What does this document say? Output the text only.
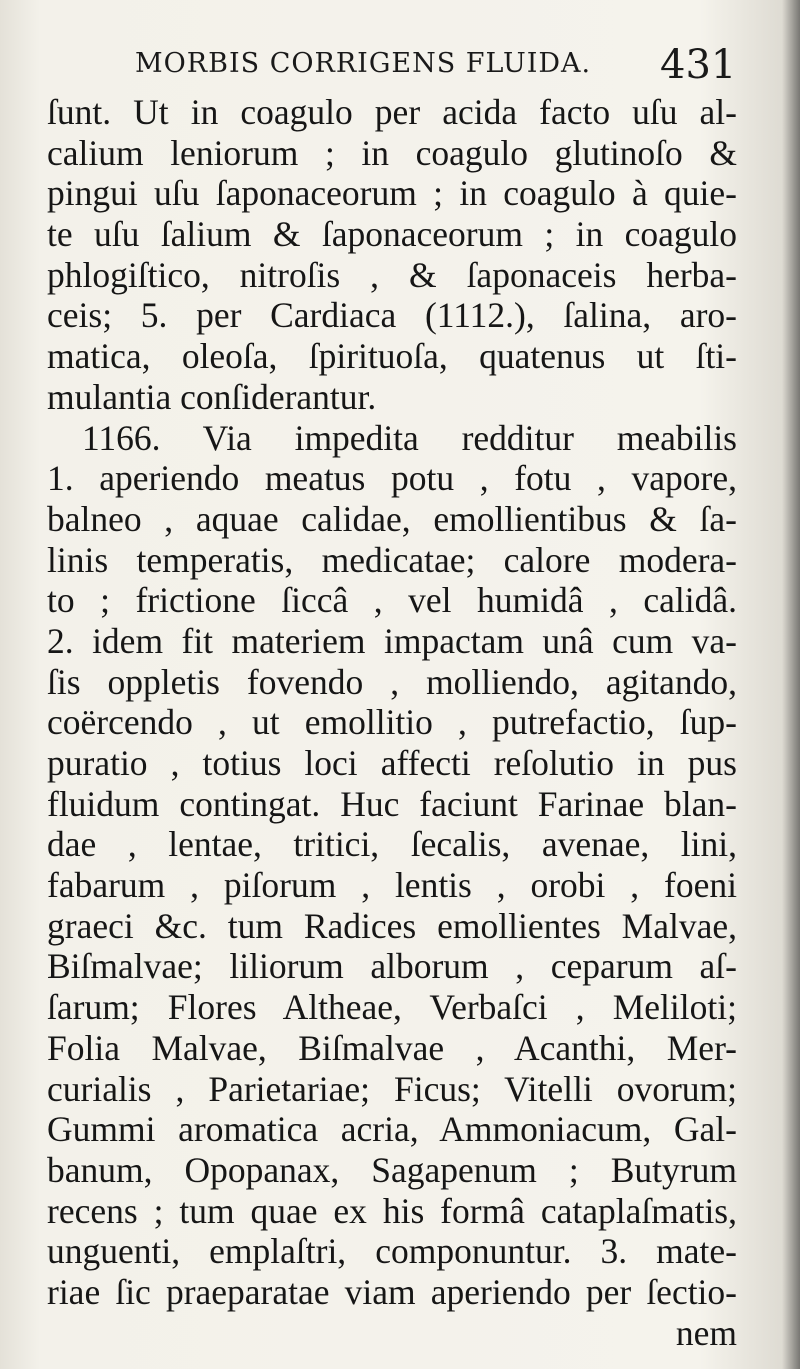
MORBIS CORRIGENS FLUIDA. 431
ſunt. Ut in coagulo per acida facto uſu al-
calium leniorum ; in coagulo glutinoſo &
pingui uſu ſaponaceorum ; in coagulo à quie-
te uſu ſalium & ſaponaceorum ; in coagulo
phlogiſtico, nitroſis , & ſaponaceis herba-
ceis; 5. per Cardiaca (1112.), ſalina, aro-
matica, oleoſa, ſpirituoſa, quatenus ut ſti-
mulantia conſiderantur.
1166. Via impedita redditur meabilis
1. aperiendo meatus potu , fotu , vapore,
balneo , aquae calidae, emollientibus & ſa-
linis temperatis, medicatae; calore modera-
to ; frictione ſiccâ , vel humidâ , calidâ.
2. idem fit materiem impactam unâ cum va-
ſis oppletis fovendo , molliendo, agitando,
coërcendo , ut emollitio , putrefactio, ſup-
puratio , totius loci affecti reſolutio in pus
fluidum contingat. Huc faciunt Farinae blan-
dae , lentae, tritici, ſecalis, avenae, lini,
fabarum , piſorum , lentis , orobi , foeni
graeci &c. tum Radices emollientes Malvae,
Biſmalvae; liliorum alborum , ceparum aſ-
ſarum; Flores Altheae, Verbaſci , Meliloti;
Folia Malvae, Biſmalvae , Acanthi, Mer-
curialis , Parietariae; Ficus; Vitelli ovorum;
Gummi aromatica acria, Ammoniacum, Gal-
banum, Opopanax, Sagapenum ; Butyrum
recens ; tum quae ex his formâ cataplaſmatis,
unguenti, emplaſtri, componuntur. 3. mate-
riae ſic praeparatae viam aperiendo per ſectio-
nem
